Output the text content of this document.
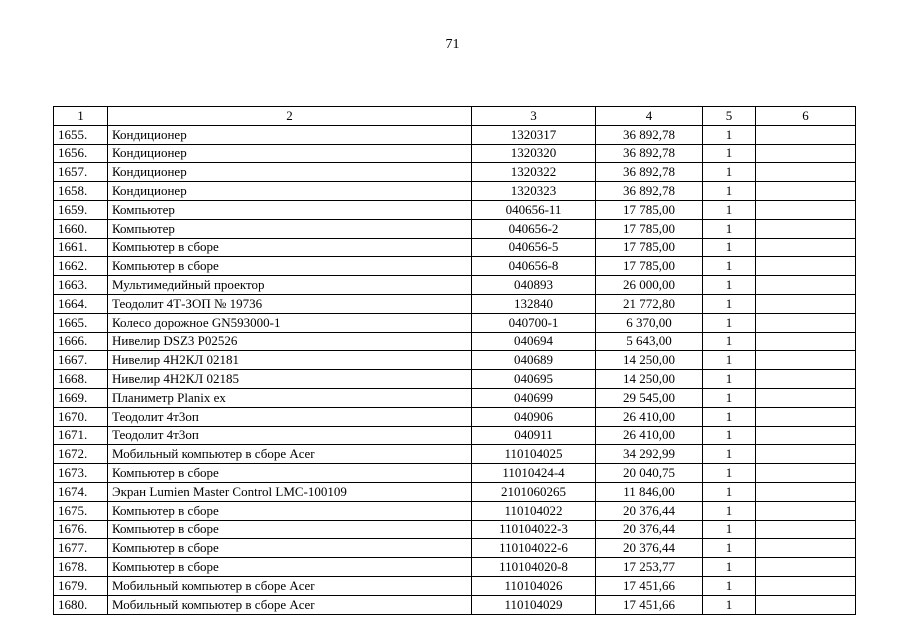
71
1	2	3	4	5	6
1655.	Кондиционер	1320317	36 892,78	1	
1656.	Кондиционер	1320320	36 892,78	1	
1657.	Кондиционер	1320322	36 892,78	1	
1658.	Кондиционер	1320323	36 892,78	1	
1659.	Компьютер	040656-11	17 785,00	1	
1660.	Компьютер	040656-2	17 785,00	1	
1661.	Компьютер в сборе	040656-5	17 785,00	1	
1662.	Компьютер в сборе	040656-8	17 785,00	1	
1663.	Мультимедийный проектор	040893	26 000,00	1	
1664.	Теодолит 4Т-ЗОП № 19736	132840	21 772,80	1	
1665.	Колесо дорожное GN593000-1	040700-1	6 370,00	1	
1666.	Нивелир DSZ3 Р02526	040694	5 643,00	1	
1667.	Нивелир 4Н2КЛ 02181	040689	14 250,00	1	
1668.	Нивелир 4Н2КЛ 02185	040695	14 250,00	1	
1669.	Планиметр Planix ex	040699	29 545,00	1	
1670.	Теодолит 4т3оп	040906	26 410,00	1	
1671.	Теодолит 4т3оп	040911	26 410,00	1	
1672.	Мобильный компьютер в сборе Acer	110104025	34 292,99	1	
1673.	Компьютер в сборе	11010424-4	20 040,75	1	
1674.	Экран Lumien Master Control LMC-100109	2101060265	11 846,00	1	
1675.	Компьютер в сборе	110104022	20 376,44	1	
1676.	Компьютер в сборе	110104022-3	20 376,44	1	
1677.	Компьютер в сборе	110104022-6	20 376,44	1	
1678.	Компьютер в сборе	110104020-8	17 253,77	1	
1679.	Мобильный компьютер в сборе Acer	110104026	17 451,66	1	
1680.	Мобильный компьютер в сборе Acer	110104029	17 451,66	1	
